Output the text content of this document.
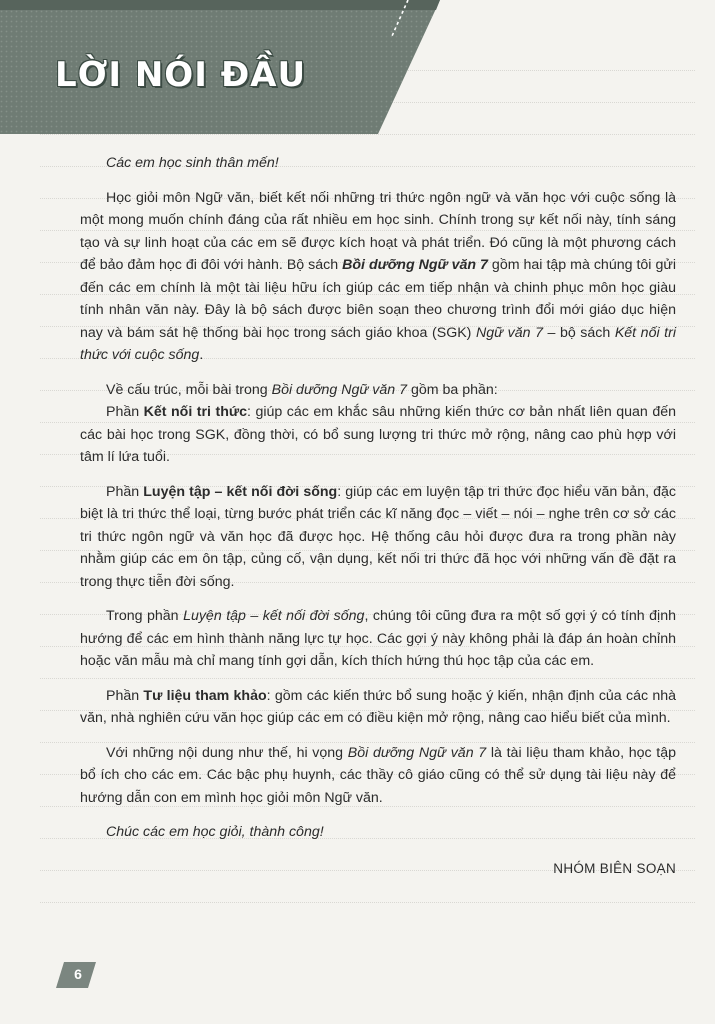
LỜI NÓI ĐẦU

Các em học sinh thân mến!

Học giỏi môn Ngữ văn, biết kết nối những tri thức ngôn ngữ và văn học với cuộc sống là một mong muốn chính đáng của rất nhiều em học sinh. Chính trong sự kết nối này, tính sáng tạo và sự linh hoạt của các em sẽ được kích hoạt và phát triển. Đó cũng là một phương cách để bảo đảm học đi đôi với hành. Bộ sách Bồi dưỡng Ngữ văn 7 gồm hai tập mà chúng tôi gửi đến các em chính là một tài liệu hữu ích giúp các em tiếp nhận và chinh phục môn học giàu tính nhân văn này. Đây là bộ sách được biên soạn theo chương trình đổi mới giáo dục hiện nay và bám sát hệ thống bài học trong sách giáo khoa (SGK) Ngữ văn 7 – bộ sách Kết nối tri thức với cuộc sống.

Về cấu trúc, mỗi bài trong Bồi dưỡng Ngữ văn 7 gồm ba phần:

Phần Kết nối tri thức: giúp các em khắc sâu những kiến thức cơ bản nhất liên quan đến các bài học trong SGK, đồng thời, có bổ sung lượng tri thức mở rộng, nâng cao phù hợp với tâm lí lứa tuổi.

Phần Luyện tập – kết nối đời sống: giúp các em luyện tập tri thức đọc hiểu văn bản, đặc biệt là tri thức thể loại, từng bước phát triển các kĩ năng đọc – viết – nói – nghe trên cơ sở các tri thức ngôn ngữ và văn học đã được học. Hệ thống câu hỏi được đưa ra trong phần này nhằm giúp các em ôn tập, củng cố, vận dụng, kết nối tri thức đã học với những vấn đề đặt ra trong thực tiễn đời sống.

Trong phần Luyện tập – kết nối đời sống, chúng tôi cũng đưa ra một số gợi ý có tính định hướng để các em hình thành năng lực tự học. Các gợi ý này không phải là đáp án hoàn chỉnh hoặc văn mẫu mà chỉ mang tính gợi dẫn, kích thích hứng thú học tập của các em.

Phần Tư liệu tham khảo: gồm các kiến thức bổ sung hoặc ý kiến, nhận định của các nhà văn, nhà nghiên cứu văn học giúp các em có điều kiện mở rộng, nâng cao hiểu biết của mình.

Với những nội dung như thế, hi vọng Bồi dưỡng Ngữ văn 7 là tài liệu tham khảo, học tập bổ ích cho các em. Các bậc phụ huynh, các thầy cô giáo cũng có thể sử dụng tài liệu này để hướng dẫn con em mình học giỏi môn Ngữ văn.

Chúc các em học giỏi, thành công!

NHÓM BIÊN SOẠN

6
